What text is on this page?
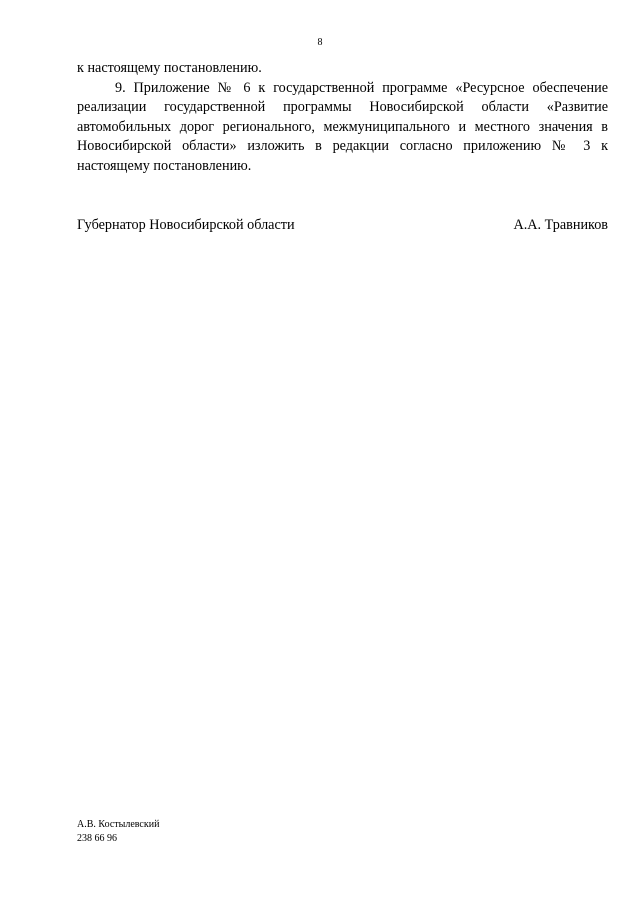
8

к настоящему постановлению.

9. Приложение № 6 к государственной программе «Ресурсное обеспечение реализации государственной программы Новосибирской области «Развитие автомобильных дорог регионального, межмуниципального и местного значения в Новосибирской области» изложить в редакции согласно приложению № 3 к настоящему постановлению.

Губернатор Новосибирской области	А.А. Травников
А.В. Костылевский
238 66 96
